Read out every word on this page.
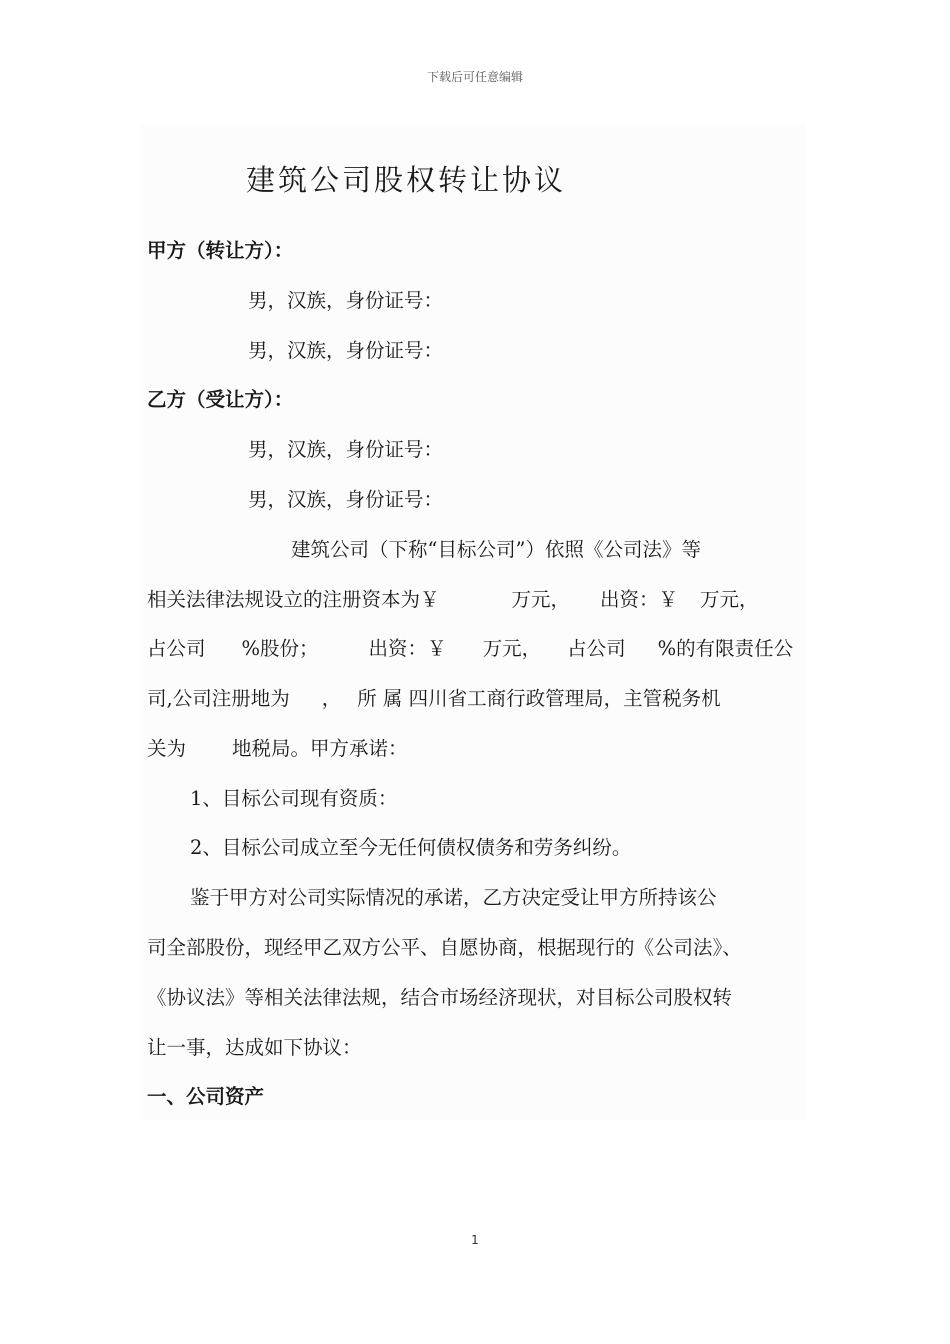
下载后可任意编辑
建筑公司股权转让协议
甲方（转让方）：
男，汉族，身份证号：
男，汉族，身份证号：
乙方（受让方）：
男，汉族，身份证号：
男，汉族，身份证号：
建筑公司（下称“目标公司”）依照《公司法》等
相关法律法规设立的注册资本为￥	万元， 出资：￥ 万元，
占公司 %股份；	出资：￥ 万元， 占公司 %的有限责任公
司,公司注册地为 ， 所 属 四川省工商行政管理局，主管税务机
关为 地税局。甲方承诺：
1、目标公司现有资质：
2、目标公司成立至今无任何债权债务和劳务纠纷。
鉴于甲方对公司实际情况的承诺，乙方决定受让甲方所持该公
司全部股份，现经甲乙双方公平、自愿协商，根据现行的《公司法》、
《协议法》等相关法律法规，结合市场经济现状，对目标公司股权转
让一事，达成如下协议：
一、公司资产
1
